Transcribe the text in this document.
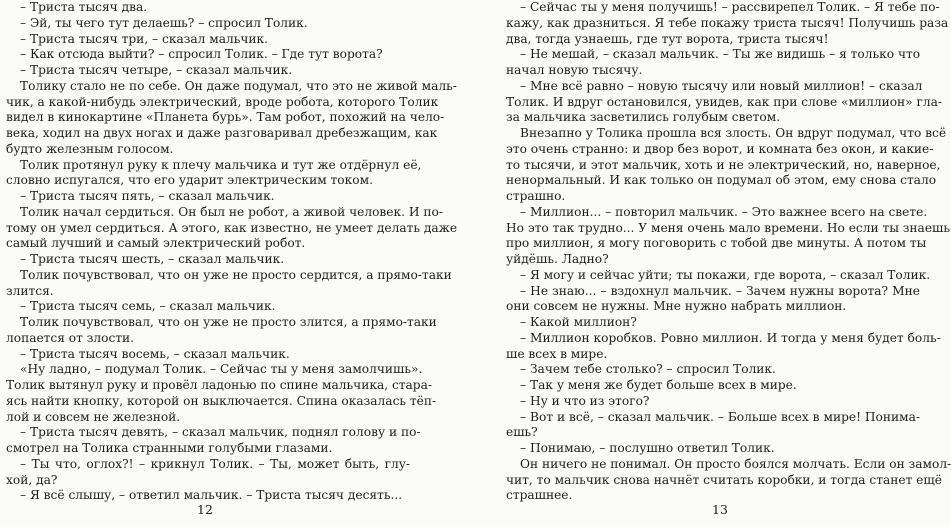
– Триста тысяч два.
– Эй, ты чего тут делаешь? – спросил Толик.
– Триста тысяч три, – сказал мальчик.
– Как отсюда выйти? – спросил Толик. – Где тут ворота?
– Триста тысяч четыре, – сказал мальчик.
Толику стало не по себе. Он даже подумал, что это не живой маль-
чик, а какой-нибудь электрический, вроде робота, которого Толик
видел в кинокартине «Планета бурь». Там робот, похожий на чело-
века, ходил на двух ногах и даже разговаривал дребезжащим, как
будто железным голосом.
Толик протянул руку к плечу мальчика и тут же отдёрнул её,
словно испугался, что его ударит электрическим током.
– Триста тысяч пять, – сказал мальчик.
Толик начал сердиться. Он был не робот, а живой человек. И по-
тому он умел сердиться. А этого, как известно, не умеет делать даже
самый лучший и самый электрический робот.
– Триста тысяч шесть, – сказал мальчик.
Толик почувствовал, что он уже не просто сердится, а прямо-таки
злится.
– Триста тысяч семь, – сказал мальчик.
Толик почувствовал, что он уже не просто злится, а прямо-таки
лопается от злости.
– Триста тысяч восемь, – сказал мальчик.
«Ну ладно, – подумал Толик. – Сейчас ты у меня замолчишь».
Толик вытянул руку и провёл ладонью по спине мальчика, стара-
ясь найти кнопку, которой он выключается. Спина оказалась тёп-
лой и совсем не железной.
– Триста тысяч девять, – сказал мальчик, поднял голову и по-
смотрел на Толика странными голубыми глазами.
– Ты что, оглох?! – крикнул Толик. – Ты, может быть, глу-
хой, да?
– Я всё слышу, – ответил мальчик. – Триста тысяч десять...
– Сейчас ты у меня получишь! – рассвирепел Толик. – Я тебе по-
кажу, как дразниться. Я тебе покажу триста тысяч! Получишь раза
два, тогда узнаешь, где тут ворота, триста тысяч!
– Не мешай, – сказал мальчик. – Ты же видишь – я только что
начал новую тысячу.
– Мне всё равно – новую тысячу или новый миллион! – сказал
Толик. И вдруг остановился, увидев, как при слове «миллион» гла-
за мальчика засветились голубым светом.
Внезапно у Толика прошла вся злость. Он вдруг подумал, что всё
это очень странно: и двор без ворот, и комната без окон, и какие-
то тысячи, и этот мальчик, хоть и не электрический, но, наверное,
ненормальный. И как только он подумал об этом, ему снова стало
страшно.
– Миллион... – повторил мальчик. – Это важнее всего на свете.
Но это так трудно... У меня очень мало времени. Но если ты знаешь
про миллион, я могу поговорить с тобой две минуты. А потом ты
уйдёшь. Ладно?
– Я могу и сейчас уйти; ты покажи, где ворота, – сказал Толик.
– Не знаю... – вздохнул мальчик. – Зачем нужны ворота? Мне
они совсем не нужны. Мне нужно набрать миллион.
– Какой миллион?
– Миллион коробков. Ровно миллион. И тогда у меня будет боль-
ше всех в мире.
– Зачем тебе столько? – спросил Толик.
– Так у меня же будет больше всех в мире.
– Ну и что из этого?
– Вот и всё, – сказал мальчик. – Больше всех в мире! Понима-
ешь?
– Понимаю, – послушно ответил Толик.
Он ничего не понимал. Он просто боялся молчать. Если он замол-
чит, то мальчик снова начнёт считать коробки, и тогда станет ещё
страшнее.
12	13
